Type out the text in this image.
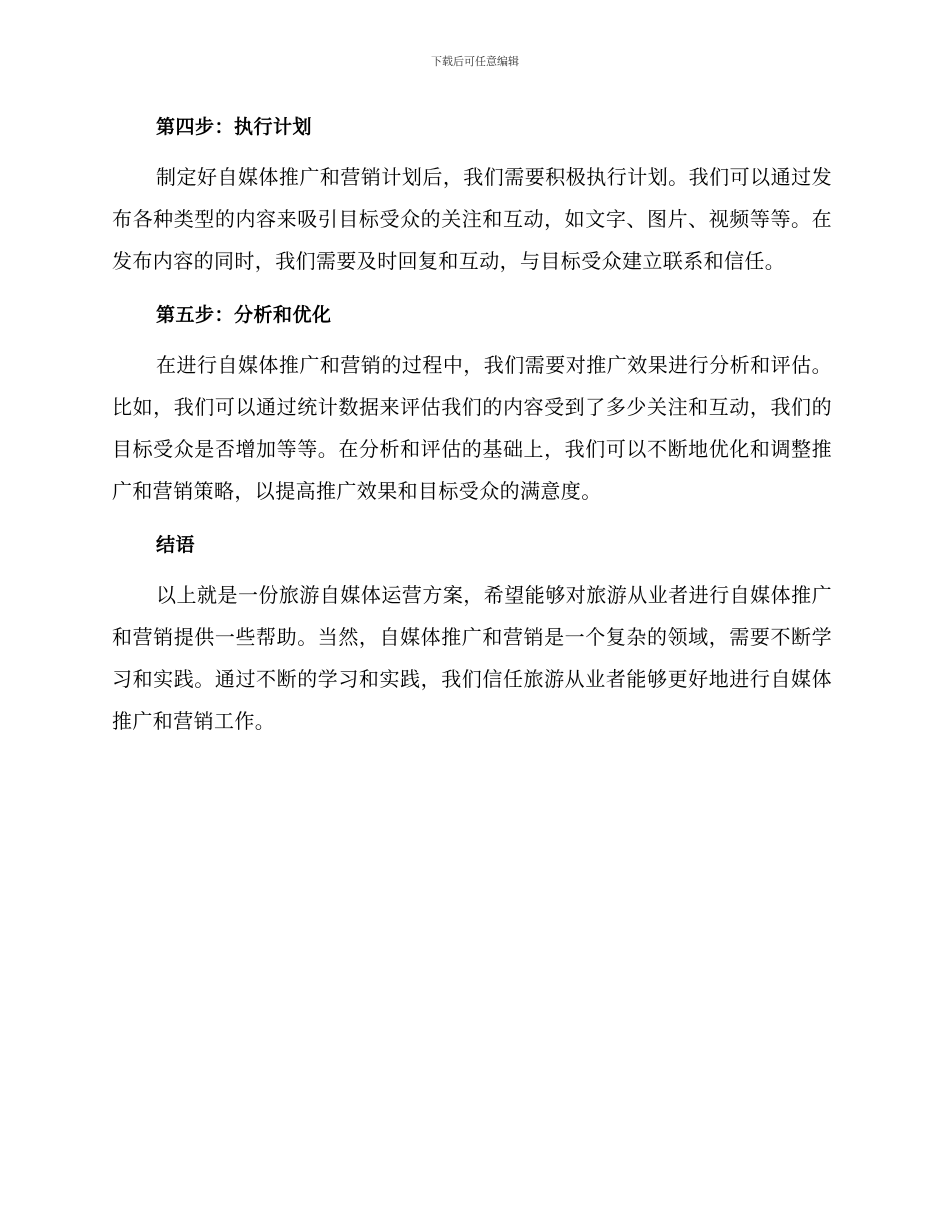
下载后可任意编辑
第四步：执行计划

制定好自媒体推广和营销计划后，我们需要积极执行计划。我们可以通过发布各种类型的内容来吸引目标受众的关注和互动，如文字、图片、视频等等。在发布内容的同时，我们需要及时回复和互动，与目标受众建立联系和信任。

第五步：分析和优化

在进行自媒体推广和营销的过程中，我们需要对推广效果进行分析和评估。比如，我们可以通过统计数据来评估我们的内容受到了多少关注和互动，我们的目标受众是否增加等等。在分析和评估的基础上，我们可以不断地优化和调整推广和营销策略，以提高推广效果和目标受众的满意度。

结语

以上就是一份旅游自媒体运营方案，希望能够对旅游从业者进行自媒体推广和营销提供一些帮助。当然，自媒体推广和营销是一个复杂的领域，需要不断学习和实践。通过不断的学习和实践，我们信任旅游从业者能够更好地进行自媒体推广和营销工作。
